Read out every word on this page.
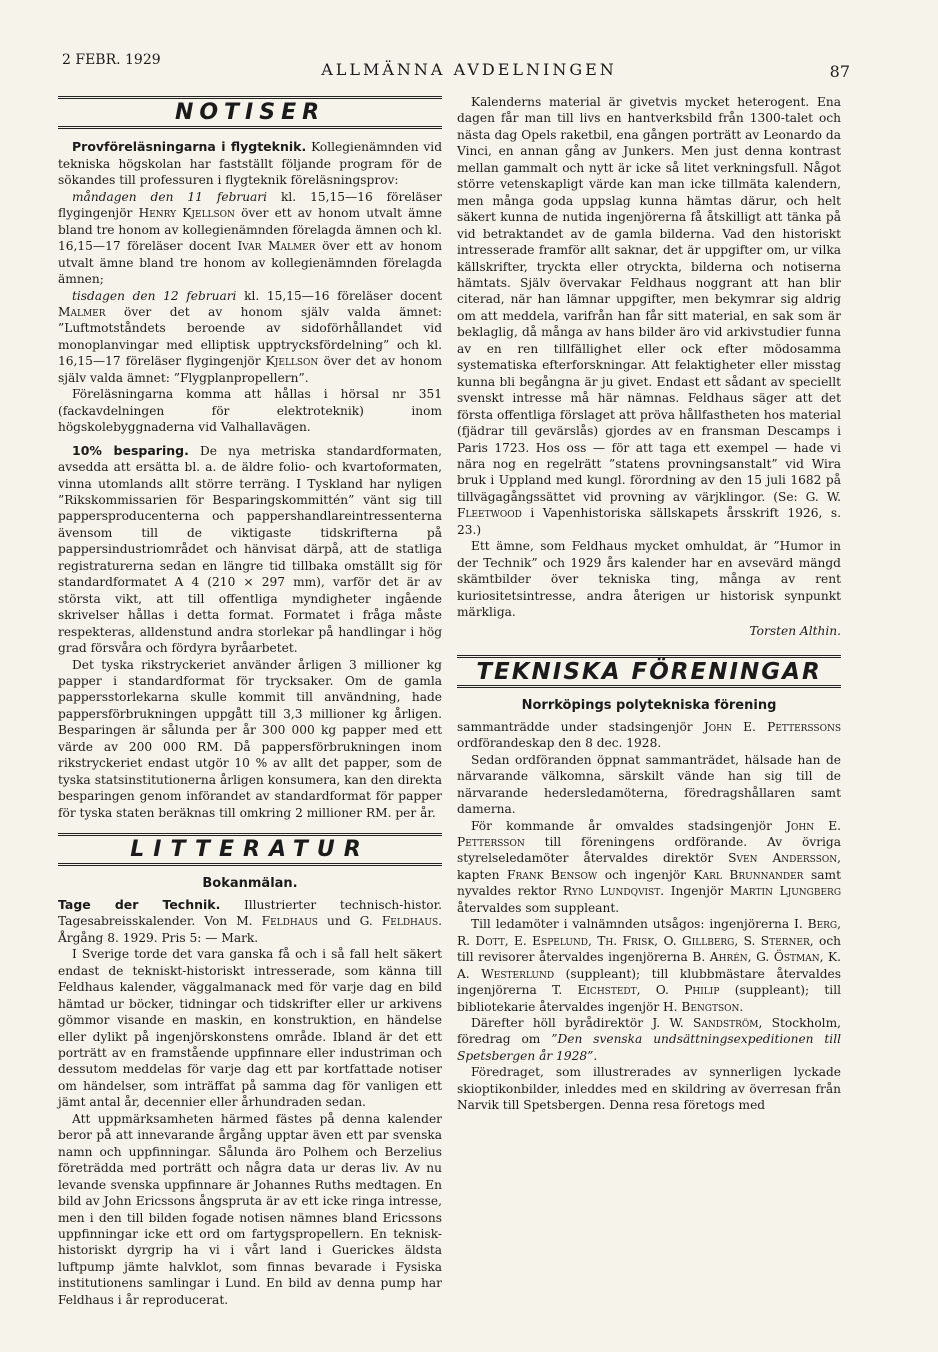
2 FEBR. 1929	ALLMÄNNA AVDELNINGEN	87
NOTISER

Provföreläsningarna i flygteknik. Kollegienämnden vid tekniska högskolan har fastställt följande program för de sökandes till professuren i flygteknik föreläsningsprov:

måndagen den 11 februari kl. 15,15—16 föreläser flygingenjör Henry Kjellson över ett av honom utvalt ämne bland tre honom av kollegienämnden förelagda ämnen och kl. 16,15—17 föreläser docent Ivar Malmer över ett av honom utvalt ämne bland tre honom av kollegienämnden förelagda ämnen;

tisdagen den 12 februari kl. 15,15—16 föreläser docent Malmer över det av honom själv valda ämnet: ”Luftmotståndets beroende av sidoförhållandet vid monoplanvingar med elliptisk upptrycksfördelning” och kl. 16,15—17 föreläser flygingenjör Kjellson över det av honom själv valda ämnet: ”Flygplanpropellern”.

Föreläsningarna komma att hållas i hörsal nr 351 (fackavdelningen för elektroteknik) inom högskolebyggnaderna vid Valhallavägen.

10% besparing. De nya metriska standardformaten, avsedda att ersätta bl. a. de äldre folio- och kvartoformaten, vinna utomlands allt större terräng. I Tyskland har nyligen ”Rikskommissarien för Besparingskommittén” vänt sig till pappersproducenterna och pappershandlareintressenterna ävensom till de viktigaste tidskrifterna på pappersindustriområdet och hänvisat därpå, att de statliga registraturerna sedan en längre tid tillbaka omställt sig för standardformatet A 4 (210 × 297 mm), varför det är av största vikt, att till offentliga myndigheter ingående skrivelser hållas i detta format. Formatet i fråga måste respekteras, alldenstund andra storlekar på handlingar i hög grad försvåra och fördyra byråarbetet.

Det tyska rikstryckeriet använder årligen 3 millioner kg papper i standardformat för trycksaker. Om de gamla pappersstorlekarna skulle kommit till användning, hade pappersförbrukningen uppgått till 3,3 millioner kg årligen. Besparingen är sålunda per år 300 000 kg papper med ett värde av 200 000 RM. Då pappersförbrukningen inom rikstryckeriet endast utgör 10 % av allt det papper, som de tyska statsinstitutionerna årligen konsumera, kan den direkta besparingen genom införandet av standardformat för papper för tyska staten beräknas till omkring 2 millioner RM. per år.

LITTERATUR
Bokanmälan.

Tage der Technik. Illustrierter technisch-histor. Tagesabreisskalender. Von M. Feldhaus und G. Feldhaus. Årgång 8. 1929. Pris 5: — Mark.

I Sverige torde det vara ganska få och i så fall helt säkert endast de tekniskt-historiskt intresserade, som känna till Feldhaus kalender, väggalmanack med för varje dag en bild hämtad ur böcker, tidningar och tidskrifter eller ur arkivens gömmor visande en maskin, en konstruktion, en händelse eller dylikt på ingenjörskonstens område. Ibland är det ett porträtt av en framstående uppfinnare eller industriman och dessutom meddelas för varje dag ett par kortfattade notiser om händelser, som inträffat på samma dag för vanligen ett jämt antal år, decennier eller århundraden sedan.

Att uppmärksamheten härmed fästes på denna kalender beror på att innevarande årgång upptar även ett par svenska namn och uppfinningar. Sålunda äro Polhem och Berzelius företrädda med porträtt och några data ur deras liv. Av nu levande svenska uppfinnare är Johannes Ruths medtagen. En bild av John Ericssons ångspruta är av ett icke ringa intresse, men i den till bilden fogade notisen nämnes bland Ericssons uppfinningar icke ett ord om fartygspropellern. En teknisk-historiskt dyrgrip ha vi i vårt land i Guerickes äldsta luftpump jämte halvklot, som finnas bevarade i Fysiska institutionens samlingar i Lund. En bild av denna pump har Feldhaus i år reproducerat.

Kalenderns material är givetvis mycket heterogent. Ena dagen får man till livs en hantverksbild från 1300-talet och nästa dag Opels raketbil, ena gången porträtt av Leonardo da Vinci, en annan gång av Junkers. Men just denna kontrast mellan gammalt och nytt är icke så litet verkningsfull. Något större vetenskapligt värde kan man icke tillmäta kalendern, men många goda uppslag kunna hämtas därur, och helt säkert kunna de nutida ingenjörerna få åtskilligt att tänka på vid betraktandet av de gamla bilderna. Vad den historiskt intresserade framför allt saknar, det är uppgifter om, ur vilka källskrifter, tryckta eller otryckta, bilderna och notiserna hämtats. Själv övervakar Feldhaus noggrant att han blir citerad, när han lämnar uppgifter, men bekymrar sig aldrig om att meddela, varifrån han får sitt material, en sak som är beklaglig, då många av hans bilder äro vid arkivstudier funna av en ren tillfällighet eller ock efter mödosamma systematiska efterforskningar. Att felaktigheter eller misstag kunna bli begångna är ju givet. Endast ett sådant av speciellt svenskt intresse må här nämnas. Feldhaus säger att det första offentliga förslaget att pröva hållfastheten hos material (fjädrar till gevärslås) gjordes av en fransman Descamps i Paris 1723. Hos oss — för att taga ett exempel — hade vi nära nog en regelrätt ”statens provningsanstalt” vid Wira bruk i Uppland med kungl. förordning av den 15 juli 1682 på tillvägagångssättet vid provning av värjklingor. (Se: G. W. Fleetwood i Vapenhistoriska sällskapets årsskrift 1926, s. 23.)

Ett ämne, som Feldhaus mycket omhuldat, är ”Humor in der Technik” och 1929 års kalender har en avsevärd mängd skämtbilder över tekniska ting, många av rent kuriositetsintresse, andra återigen ur historisk synpunkt märkliga.

Torsten Althin.

TEKNISKA FÖRENINGAR
Norrköpings polytekniska förening

sammanträdde under stadsingenjör John E. Petterssons ordförandeskap den 8 dec. 1928.

Sedan ordföranden öppnat sammanträdet, hälsade han de närvarande välkomna, särskilt vände han sig till de närvarande hedersledamöterna, föredragshållaren samt damerna.

För kommande år omvaldes stadsingenjör John E. Pettersson till föreningens ordförande. Av övriga styrelseledamöter återvaldes direktör Sven Andersson, kapten Frank Bensow och ingenjör Karl Brunnander samt nyvaldes rektor Ryno Lundqvist. Ingenjör Martin Ljungberg återvaldes som suppleant.

Till ledamöter i valnämnden utsågos: ingenjörerna I. Berg, R. Dott, E. Espelund, Th. Frisk, O. Gillberg, S. Sterner, och till revisorer återvaldes ingenjörerna B. Ahrén, G. Östman, K. A. Westerlund (suppleant); till klubbmästare återvaldes ingenjörerna T. Eichstedt, O. Philip (suppleant); till bibliotekarie återvaldes ingenjör H. Bengtson.

Därefter höll byrådirektör J. W. Sandström, Stockholm, föredrag om ”Den svenska undsättningsexpeditionen till Spetsbergen år 1928”.

Föredraget, som illustrerades av synnerligen lyckade skioptikonbilder, inleddes med en skildring av överresan från Narvik till Spetsbergen. Denna resa företogs med
